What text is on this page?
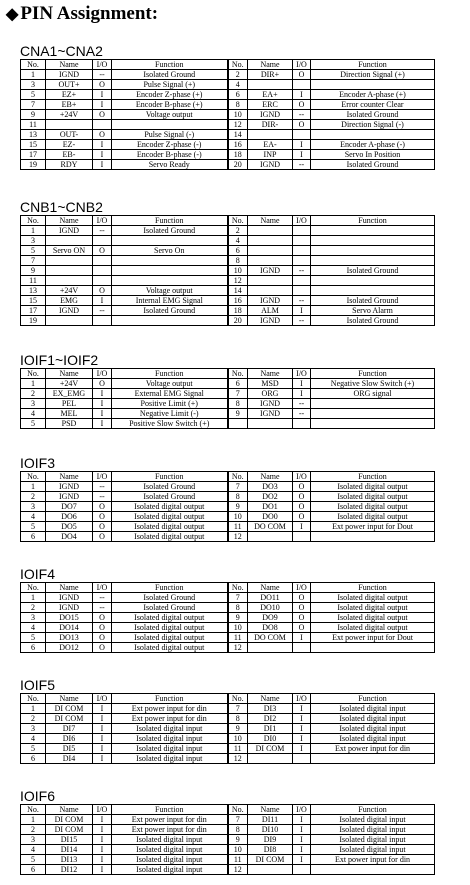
◆ PIN Assignment:
CNA1~CNA2
No.	Name	I/O	Function	No.	Name	I/O	Function
1	IGND	--	Isolated Ground	2	DIR+	O	Direction Signal (+)
3	OUT+	O	Pulse Signal (+)	4			
5	EZ+	I	Encoder Z-phase (+)	6	EA+	I	Encoder A-phase (+)
7	EB+	I	Encoder B-phase (+)	8	ERC	O	Error counter Clear
9	+24V	O	Voltage output	10	IGND	--	Isolated Ground
11				12	DIR-	O	Direction Signal (-)
13	OUT-	O	Pulse Signal (-)	14			
15	EZ-	I	Encoder Z-phase (-)	16	EA-	I	Encoder A-phase (-)
17	EB-	I	Encoder B-phase (-)	18	INP	I	Servo In Position
19	RDY	I	Servo Ready	20	IGND	--	Isolated Ground
CNB1~CNB2
No.	Name	I/O	Function	No.	Name	I/O	Function
1	IGND	--	Isolated Ground	2			
3				4			
5	Servo ON	O	Servo On	6			
7				8			
9				10	IGND	--	Isolated Ground
11				12			
13	+24V	O	Voltage output	14			
15	EMG	I	Internal EMG Signal	16	IGND	--	Isolated Ground
17	IGND	--	Isolated Ground	18	ALM	I	Servo Alarm
19				20	IGND	--	Isolated Ground
IOIF1~IOIF2
No.	Name	I/O	Function	No.	Name	I/O	Function
1	+24V	O	Voltage output	6	MSD	I	Negative Slow Switch (+)
2	EX_EMG	I	External EMG Signal	7	ORG	I	ORG signal
3	PEL	I	Positive Limit (+)	8	IGND	--	
4	MEL	I	Negative Limit (-)	9	IGND	--	
5	PSD	I	Positive Slow Switch (+)				
IOIF3
No.	Name	I/O	Function	No.	Name	I/O	Function
1	IGND	--	Isolated Ground	7	DO3	O	Isolated digital output
2	IGND	--	Isolated Ground	8	DO2	O	Isolated digital output
3	DO7	O	Isolated digital output	9	DO1	O	Isolated digital output
4	DO6	O	Isolated digital output	10	DO0	O	Isolated digital output
5	DO5	O	Isolated digital output	11	DO COM	I	Ext power input for Dout
6	DO4	O	Isolated digital output	12			
IOIF4
No.	Name	I/O	Function	No.	Name	I/O	Function
1	IGND	--	Isolated Ground	7	DO11	O	Isolated digital output
2	IGND	--	Isolated Ground	8	DO10	O	Isolated digital output
3	DO15	O	Isolated digital output	9	DO9	O	Isolated digital output
4	DO14	O	Isolated digital output	10	DO8	O	Isolated digital output
5	DO13	O	Isolated digital output	11	DO COM	I	Ext power input for Dout
6	DO12	O	Isolated digital output	12			
IOIF5
No.	Name	I/O	Function	No.	Name	I/O	Function
1	DI COM	I	Ext power input for din	7	DI3	I	Isolated digital input
2	DI COM	I	Ext power input for din	8	DI2	I	Isolated digital input
3	DI7	I	Isolated digital input	9	DI1	I	Isolated digital input
4	DI6	I	Isolated digital input	10	DI0	I	Isolated digital input
5	DI5	I	Isolated digital input	11	DI COM	I	Ext power input for din
6	DI4	I	Isolated digital input	12			
IOIF6
No.	Name	I/O	Function	No.	Name	I/O	Function
1	DI COM	I	Ext power input for din	7	DI11	I	Isolated digital input
2	DI COM	I	Ext power input for din	8	DI10	I	Isolated digital input
3	DI15	I	Isolated digital input	9	DI9	I	Isolated digital input
4	DI14	I	Isolated digital input	10	DI8	I	Isolated digital input
5	DI13	I	Isolated digital input	11	DI COM	I	Ext power input for din
6	DI12	I	Isolated digital input	12			
